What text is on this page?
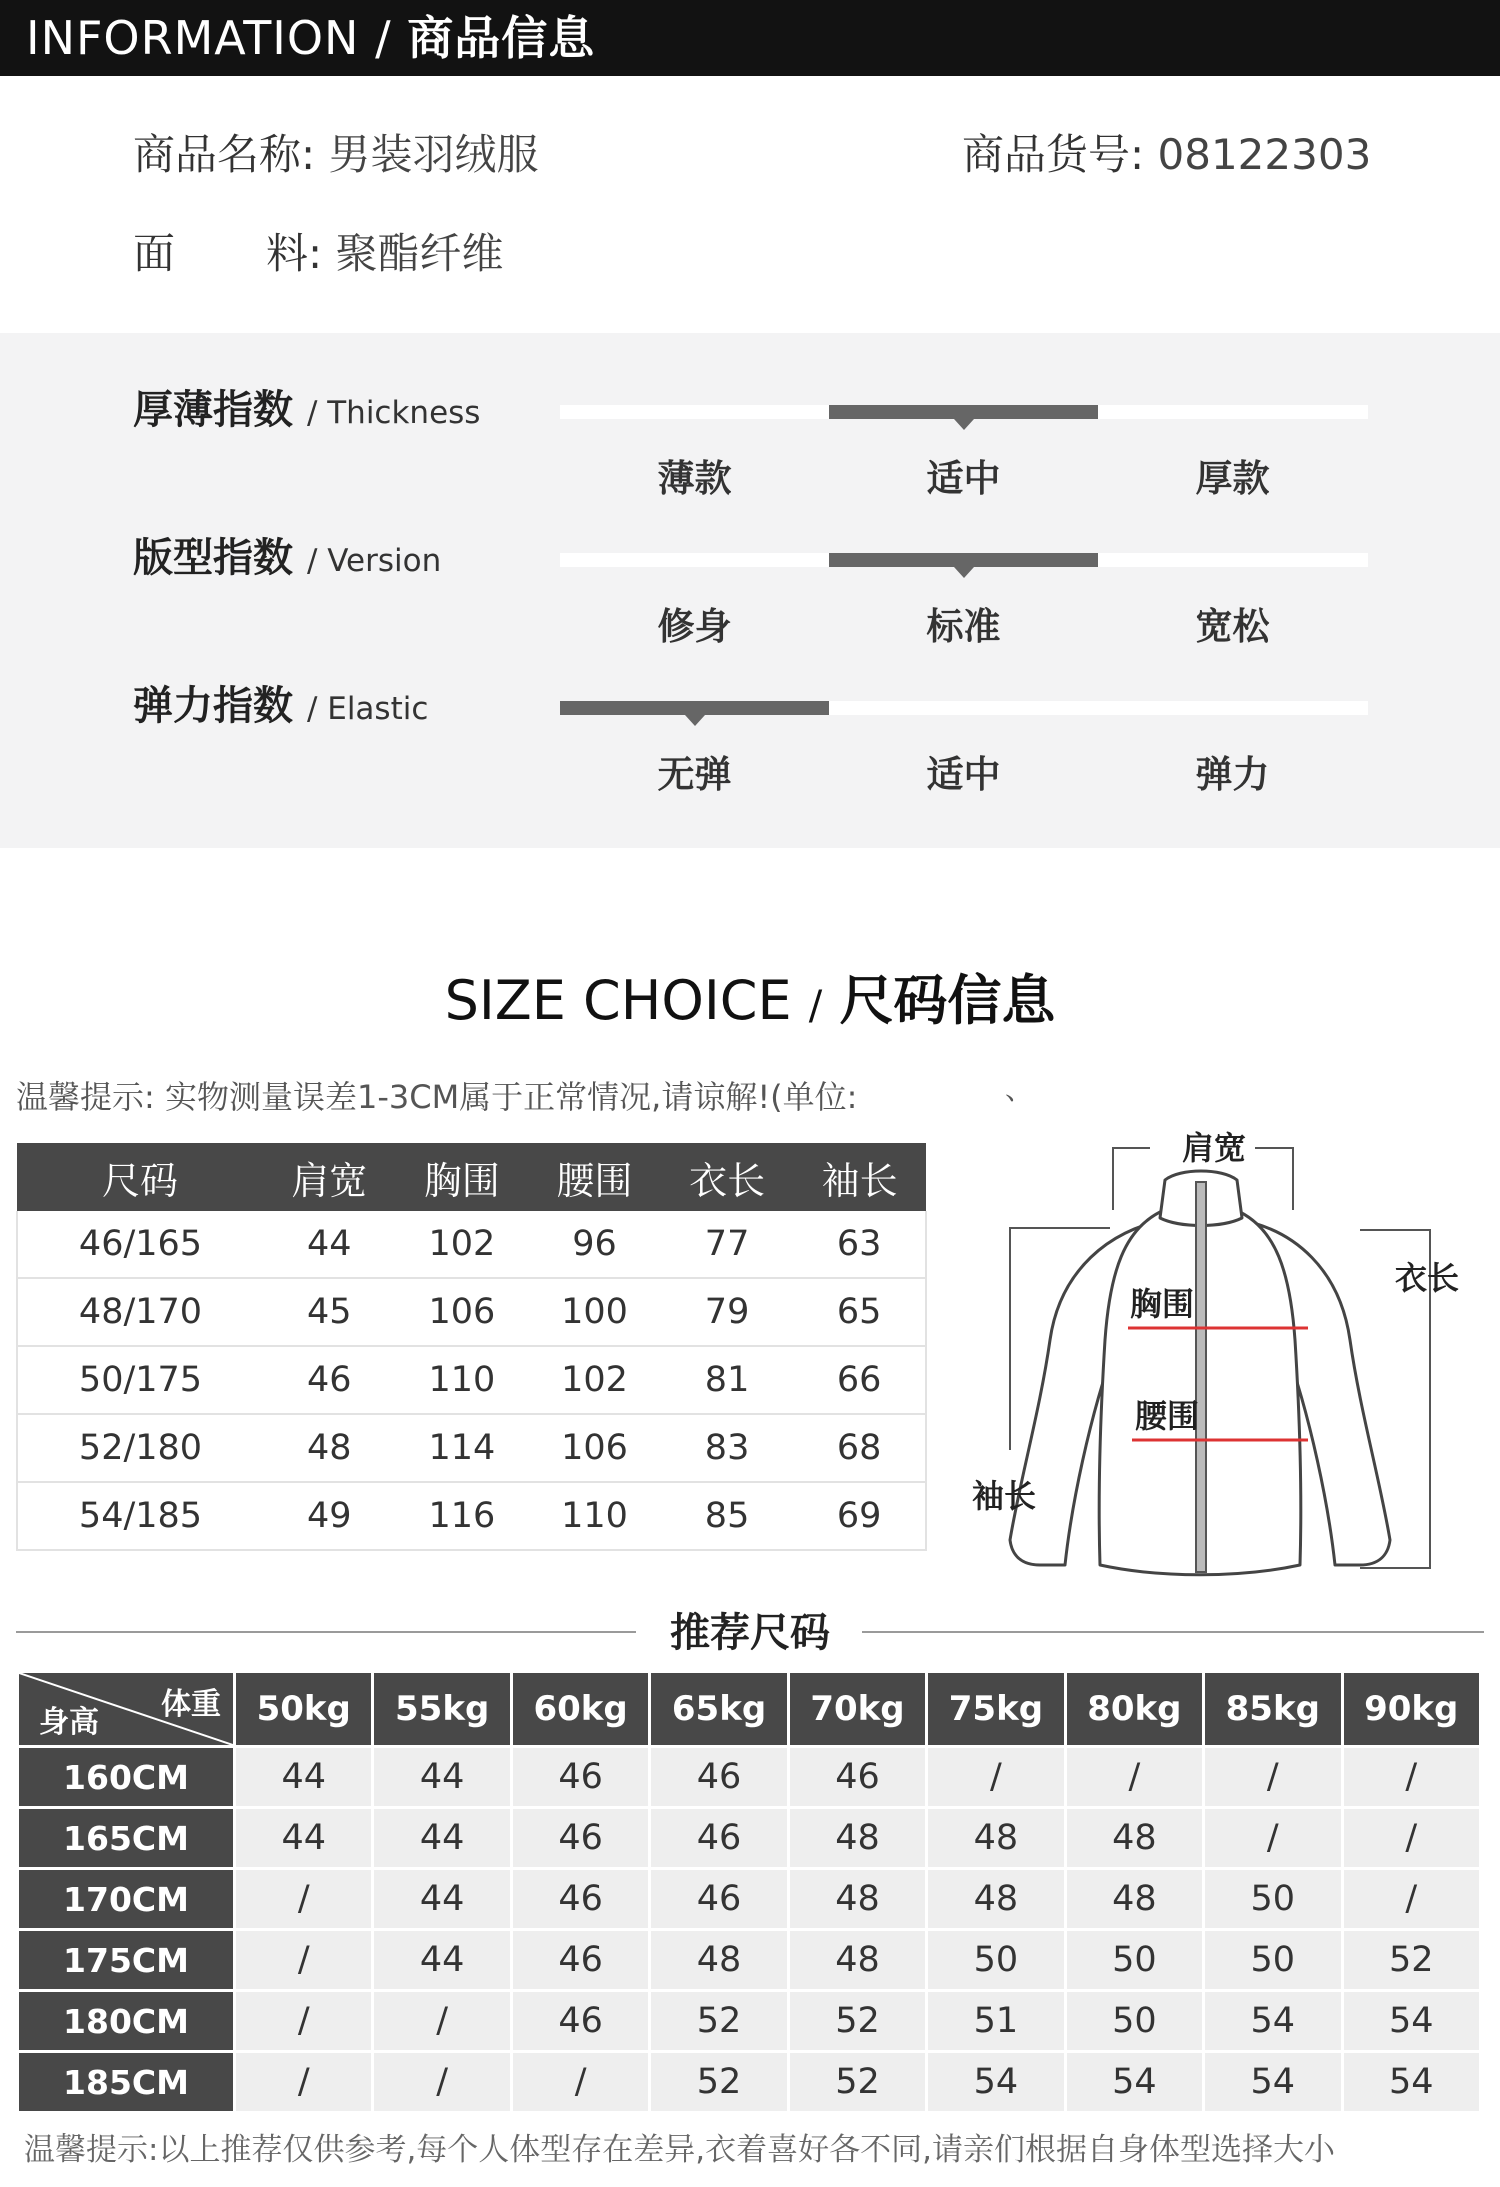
INFORMATION / 商品信息
商品名称: 男装羽绒服	商品货号: 08122303
面 料: 聚酯纤维
厚薄指数 / Thickness
薄款	适中	厚款
版型指数 / Version
修身	标准	宽松
弹力指数 / Elastic
无弹	适中	弹力
SIZE CHOICE / 尺码信息
温馨提示: 实物测量误差1-3CM属于正常情况,请谅解!(单位:	、
尺码	肩宽	胸围	腰围	衣长	袖长
46/165	44	102	96	77	63
48/170	45	106	100	79	65
50/175	46	110	102	81	66
52/180	48	114	106	83	68
54/185	49	116	110	85	69
肩宽
衣长
胸围
腰围
袖长
推荐尺码
体重
身高	50kg	55kg	60kg	65kg	70kg	75kg	80kg	85kg	90kg
160CM	44	44	46	46	46	/	/	/	/
165CM	44	44	46	46	48	48	48	/	/
170CM	/	44	46	46	48	48	48	50	/
175CM	/	44	46	48	48	50	50	50	52
180CM	/	/	46	52	52	51	50	54	54
185CM	/	/	/	52	52	54	54	54	54
温馨提示:以上推荐仅供参考,每个人体型存在差异,衣着喜好各不同,请亲们根据自身体型选择大小
